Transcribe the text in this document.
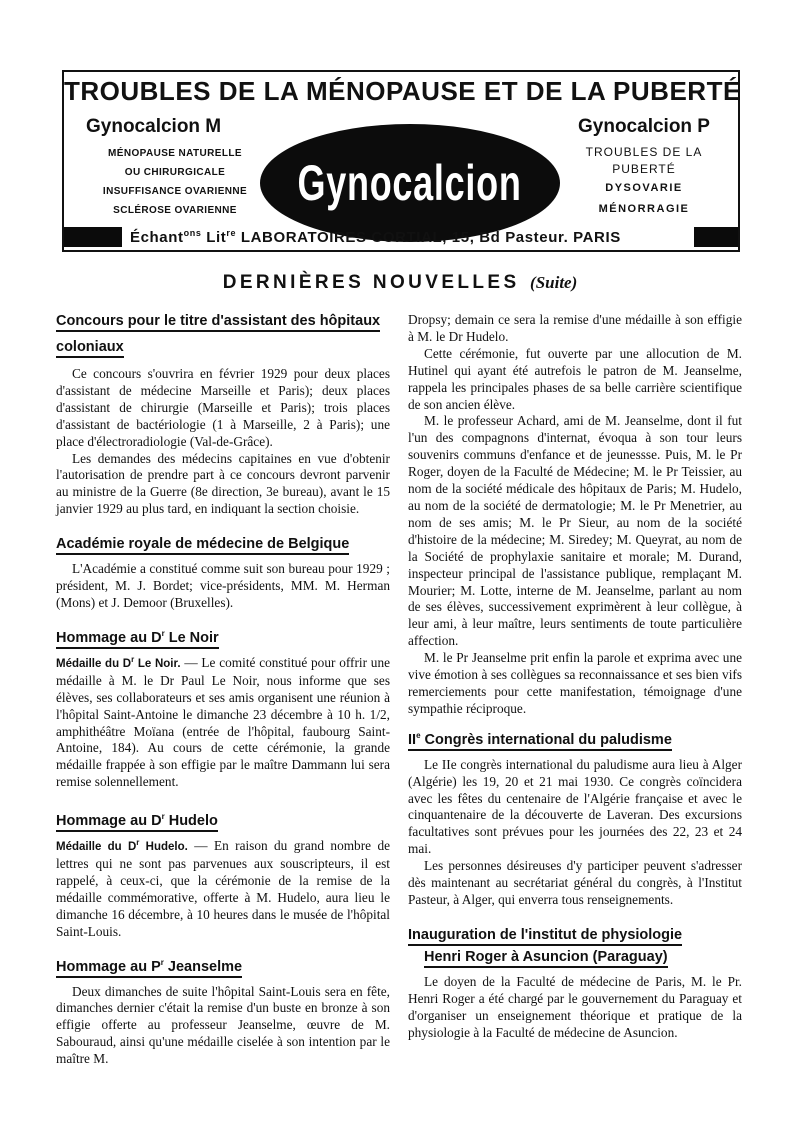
TROUBLES DE LA MÉNOPAUSE ET DE LA PUBERTÉ
Gynocalcion M
MÉNOPAUSE NATURELLE
OU CHIRURGICALE
INSUFFISANCE OVARIENNE
SCLÉROSE OVARIENNE	Gynocalcion
Gynocalcion P
TROUBLES DE LA
PUBERTÉ
DYSOVARIE
MÉNORRAGIE
Échant$^{ons}$ Lit$^{re}$ LABORATOIRES CORTIAL, 15, Bd Pasteur. PARIS
DERNIÈRES NOUVELLES (Suite)
Concours pour le titre d'assistant des hôpitaux
coloniaux

Ce concours s'ouvrira en février 1929 pour deux places d'assistant de médecine Marseille et Paris); deux places d'assistant de chirurgie (Marseille et Paris); trois places d'assistant de bactériologie (1 à Marseille, 2 à Paris); une place d'électroradiologie (Val-de-Grâce).

Les demandes des médecins capitaines en vue d'obtenir l'autorisation de prendre part à ce concours devront parvenir au ministre de la Guerre (8e direction, 3e bureau), avant le 15 janvier 1929 au plus tard, en indiquant la section choisie.

Académie royale de médecine de Belgique

L'Académie a constitué comme suit son bureau pour 1929 ; président, M. J. Bordet; vice-présidents, MM. M. Herman (Mons) et J. Demoor (Bruxelles).

Hommage au $D^r$ Le Noir

Médaille du $D^r$ Le Noir. — Le comité constitué pour offrir une médaille à M. le Dr Paul Le Noir, nous informe que ses élèves, ses collaborateurs et ses amis organisent une réunion à l'hôpital Saint-Antoine le dimanche 23 décembre à 10 h. 1/2, amphithéâtre Moïana (entrée de l'hôpital, faubourg Saint-Antoine, 184). Au cours de cette cérémonie, la grande médaille frappée à son effigie par le maître Dammann lui sera remise solennellement.

Hommage au $D^r$ Hudelo

Médaille du $D^r$ Hudelo. — En raison du grand nombre de lettres qui ne sont pas parvenues aux souscripteurs, il est rappelé, à ceux-ci, que la cérémonie de la remise de la médaille commémorative, offerte à M. Hudelo, aura lieu le dimanche 16 décembre, à 10 heures dans le musée de l'hôpital Saint-Louis.

Hommage au $P^r$ Jeanselme

Deux dimanches de suite l'hôpital Saint-Louis sera en fête, dimanches dernier c'était la remise d'un buste en bronze à son effigie offerte au professeur Jeanselme, œuvre de M. Sabouraud, ainsi qu'une médaille ciselée à son intention par le maître M.

Dropsy; demain ce sera la remise d'une médaille à son effigie à M. le Dr Hudelo.

Cette cérémonie, fut ouverte par une allocution de M. Hutinel qui ayant été autrefois le patron de M. Jeanselme, rappela les principales phases de sa belle carrière scientifique de son ancien élève.

M. le professeur Achard, ami de M. Jeanselme, dont il fut l'un des compagnons d'internat, évoqua à son tour leurs souvenirs communs d'enfance et de jeunessse. Puis, M. le Pr Roger, doyen de la Faculté de Médecine; M. le Pr Teissier, au nom de la société médicale des hôpitaux de Paris; M. Hudelo, au nom de la société de dermatologie; M. le Pr Menetrier, au nom de ses amis; M. le Pr Sieur, au nom de la société d'histoire de la médecine; M. Siredey; M. Queyrat, au nom de la Société de prophylaxie sanitaire et morale; M. Durand, inspecteur principal de l'assistance publique, remplaçant M. Mourier; M. Lotte, interne de M. Jeanselme, parlant au nom de ses élèves, successivement exprimèrent à leur collègue, à leur ami, à leur maître, leurs sentiments de toute particulière affection.

M. le Pr Jeanselme prit enfin la parole et exprima avec une vive émotion à ses collègues sa reconnaissance et ses bien vifs remerciements pour cette manifestation, témoignage d'une sympathie réciproque.

IIe Congrès international du paludisme

Le IIe congrès international du paludisme aura lieu à Alger (Algérie) les 19, 20 et 21 mai 1930. Ce congrès coïncidera avec les fêtes du centenaire de l'Algérie française et avec le cinquantenaire de la découverte de Laveran. Des excursions facultatives sont prévues pour les journées des 22, 23 et 24 mai.

Les personnes désireuses d'y participer peuvent s'adresser dès maintenant au secrétariat général du congrès, à l'Institut Pasteur, à Alger, qui enverra tous renseignements.

Inauguration de l'institut de physiologie
Henri Roger à Asuncion (Paraguay)

Le doyen de la Faculté de médecine de Paris, M. le Pr. Henri Roger a été chargé par le gouvernement du Paraguay et d'organiser un enseignement théorique et pratique de la physiologie à la Faculté de médecine de Asuncion.
